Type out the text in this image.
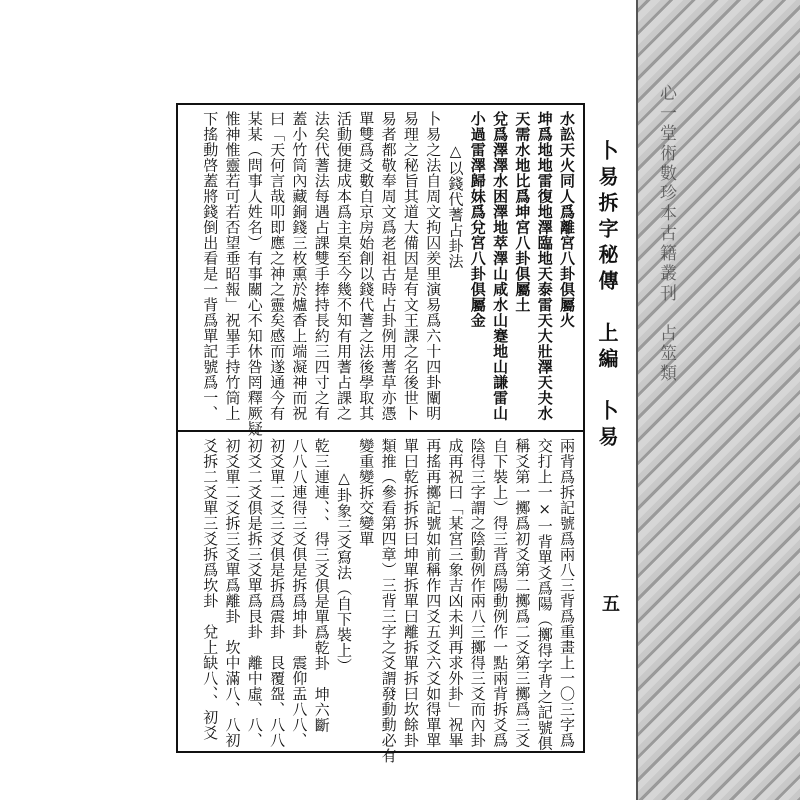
心一堂術數珍本古籍叢刊　占筮類
卜易拆字秘傳　上編　卜易
五
水訟天火同人爲離宮八卦俱屬火
坤爲地地雷復地澤臨地天泰雷天大壯澤天夬水
天需水地比爲坤宮八卦俱屬土
兌爲澤澤水困澤地萃澤山咸水山蹇地山謙雷山
小過雷澤歸妹爲兌宮八卦俱屬金
　　△以錢代蓍占卦法
卜易之法自周文拘囚羑里演易爲六十四卦闡明
易理之秘旨其道大備因是有文王課之名後世卜
易者都敬奉周文爲老祖古時占卦例用蓍草亦憑
單雙爲爻數自京房始創以錢代蓍之法後學取其
活動便捷成本爲主臬至今幾不知有用蓍占課之
法矣代蓍法每遇占課雙手捧持長約三四寸之有
蓋小竹筒內藏銅錢三枚熏於爐香上端凝神而祝
曰「天何言哉叩即應之神之靈矣感而遂通今有
某某（問事人姓名）有事關心不知休咎罔釋厥疑
惟神惟靈若可若否望垂昭報」祝畢手持竹筒上
下搖動啓蓋將錢倒出看是一背爲單記號爲一、
兩背爲拆記號爲兩八三背爲重畫上一〇三字爲
交打上一×一背單爻爲陽（擲得字背之記號俱
稱爻第一擲爲初爻第二擲爲二爻第三擲爲三爻
自下裝上）得三背爲陽動例作一點兩背拆爻爲
陰得三字謂之陰動例作兩八三擲得三爻而內卦
成再祝曰「某宮三象吉凶未判再求外卦」祝畢
再搖再擲記號如前稱作四爻五爻六爻如得單單
單曰乾拆拆拆曰坤單拆單曰離拆單拆曰坎餘卦
類推（參看第四章）三背三字之爻謂發動動必有
變重變拆交變單
　　△卦象三爻寫法（自下裝上）
乾三連連、、、得三爻俱是單爲乾卦　坤六斷
八八八連得三爻俱是拆爲坤卦　震仰盂八八、
初爻單二爻三爻俱是拆爲震卦　艮覆盌、八八
初爻二爻俱是拆三爻單爲艮卦　離中虛、八、
初爻單二爻拆三爻單爲離卦　坎中滿八、八初
爻拆二爻單三爻拆爲坎卦　兌上缺八、、初爻
